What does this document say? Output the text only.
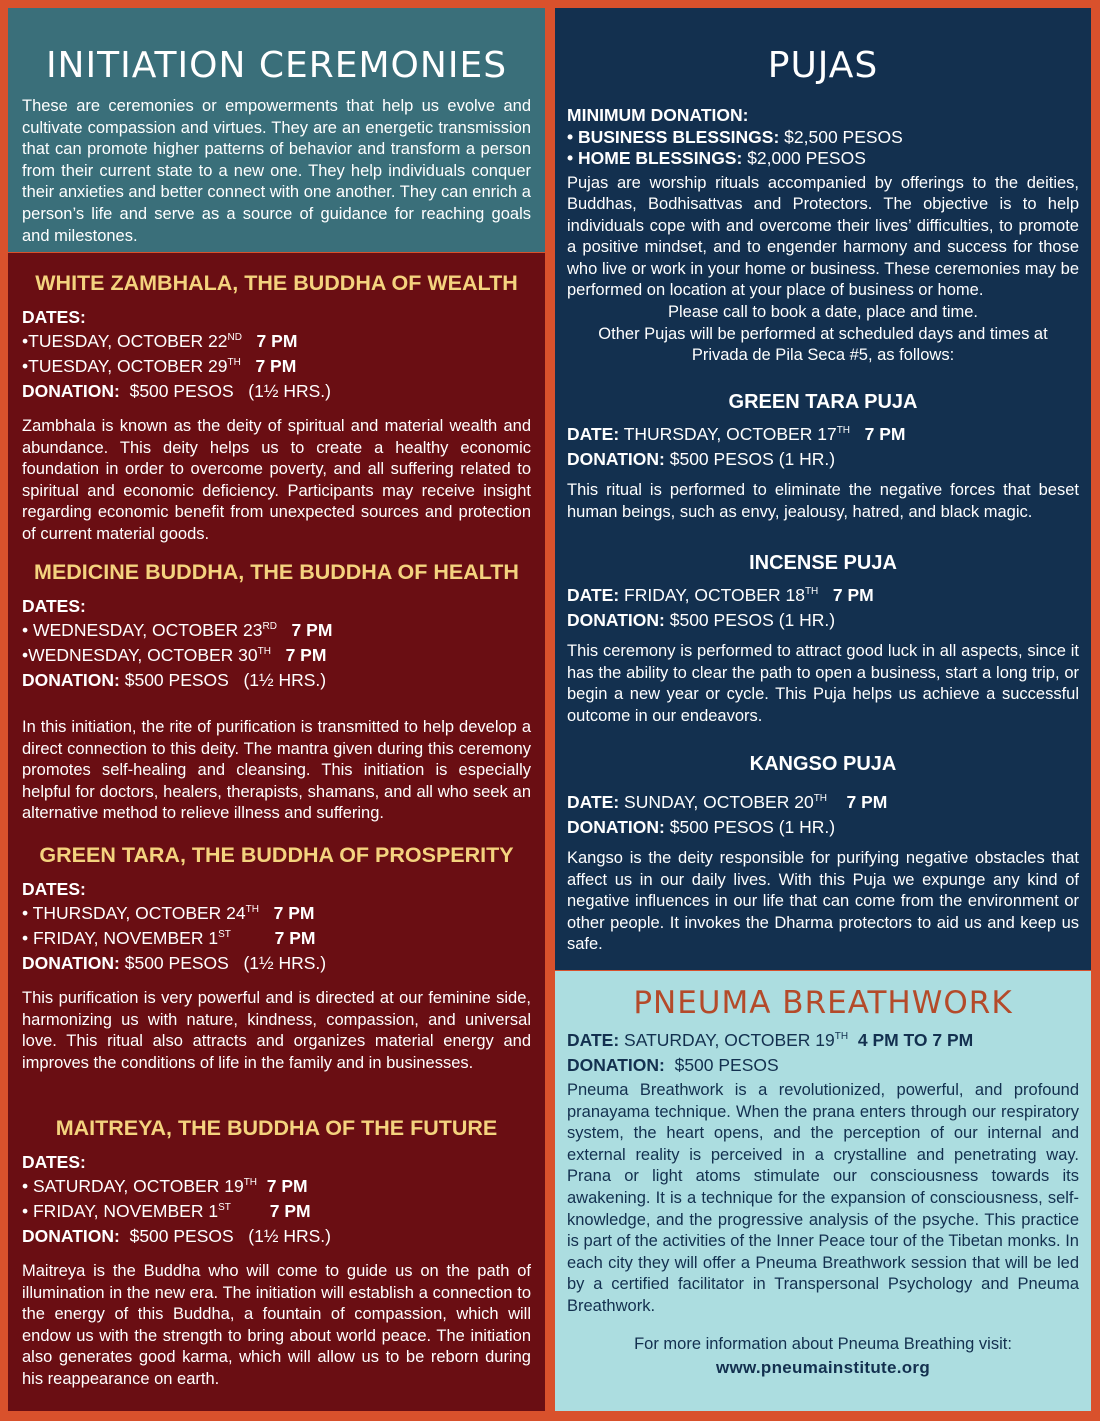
INITIATION CEREMONIES

These are ceremonies or empowerments that help us evolve and cultivate compassion and virtues. They are an energetic transmission that can promote higher patterns of behavior and transform a person from their current state to a new one. They help individuals conquer their anxieties and better connect with one another. They can enrich a person’s life and serve as a source of guidance for reaching goals and milestones.

WHITE ZAMBHALA, THE BUDDHA OF WEALTH
DATES:
•TUESDAY, OCTOBER 22ND 7 PM
•TUESDAY, OCTOBER 29TH 7 PM
DONATION: $500 PESOS (1½ HRS.)

Zambhala is known as the deity of spiritual and material wealth and abundance. This deity helps us to create a healthy economic foundation in order to overcome poverty, and all suffering related to spiritual and economic deficiency. Participants may receive insight regarding economic benefit from unexpected sources and protection of current material goods.

MEDICINE BUDDHA, THE BUDDHA OF HEALTH
DATES:
• WEDNESDAY, OCTOBER 23RD 7 PM
•WEDNESDAY, OCTOBER 30TH 7 PM
DONATION: $500 PESOS (1½ HRS.)

In this initiation, the rite of purification is transmitted to help develop a direct connection to this deity. The mantra given during this ceremony promotes self-healing and cleansing. This initiation is especially helpful for doctors, healers, therapists, shamans, and all who seek an alternative method to relieve illness and suffering.

GREEN TARA, THE BUDDHA OF PROSPERITY
DATES:
• THURSDAY, OCTOBER 24TH 7 PM
• FRIDAY, NOVEMBER 1ST	7 PM
DONATION: $500 PESOS (1½ HRS.)

This purification is very powerful and is directed at our feminine side, harmonizing us with nature, kindness, compassion, and universal love. This ritual also attracts and organizes material energy and improves the conditions of life in the family and in businesses.

MAITREYA, THE BUDDHA OF THE FUTURE
DATES:
• SATURDAY, OCTOBER 19TH 7 PM
• FRIDAY, NOVEMBER 1ST 7 PM
DONATION: $500 PESOS (1½ HRS.)

Maitreya is the Buddha who will come to guide us on the path of illumination in the new era. The initiation will establish a connection to the energy of this Buddha, a fountain of compassion, which will endow us with the strength to bring about world peace. The initiation also generates good karma, which will allow us to be reborn during his reappearance on earth.

PUJAS
MINIMUM DONATION:
• BUSINESS BLESSINGS: $2,500 PESOS
• HOME BLESSINGS: $2,000 PESOS

Pujas are worship rituals accompanied by offerings to the deities, Buddhas, Bodhisattvas and Protectors. The objective is to help individuals cope with and overcome their lives’ difficulties, to promote a positive mindset, and to engender harmony and success for those who live or work in your home or business. These ceremonies may be performed on location at your place of business or home.

Please call to book a date, place and time.

Other Pujas will be performed at scheduled days and times at

Privada de Pila Seca #5, as follows:

GREEN TARA PUJA
DATE: THURSDAY, OCTOBER 17TH 7 PM
DONATION: $500 PESOS (1 HR.)

This ritual is performed to eliminate the negative forces that beset human beings, such as envy, jealousy, hatred, and black magic.

INCENSE PUJA
DATE: FRIDAY, OCTOBER 18TH 7 PM
DONATION: $500 PESOS (1 HR.)

This ceremony is performed to attract good luck in all aspects, since it has the ability to clear the path to open a business, start a long trip, or begin a new year or cycle. This Puja helps us achieve a successful outcome in our endeavors.

KANGSO PUJA
DATE: SUNDAY, OCTOBER 20TH 7 PM
DONATION: $500 PESOS (1 HR.)

Kangso is the deity responsible for purifying negative obstacles that affect us in our daily lives. With this Puja we expunge any kind of negative influences in our life that can come from the environment or other people. It invokes the Dharma protectors to aid us and keep us safe.

PNEUMA BREATHWORK
DATE: SATURDAY, OCTOBER 19TH 4 PM TO 7 PM
DONATION: $500 PESOS

Pneuma Breathwork is a revolutionized, powerful, and profound pranayama technique. When the prana enters through our respiratory system, the heart opens, and the perception of our internal and external reality is perceived in a crystalline and penetrating way. Prana or light atoms stimulate our consciousness towards its awakening. It is a technique for the expansion of consciousness, self-knowledge, and the progressive analysis of the psyche. This practice is part of the activities of the Inner Peace tour of the Tibetan monks. In each city they will offer a Pneuma Breathwork session that will be led by a certified facilitator in Transpersonal Psychology and Pneuma Breathwork.

For more information about Pneuma Breathing visit:

www.pneumainstitute.org
